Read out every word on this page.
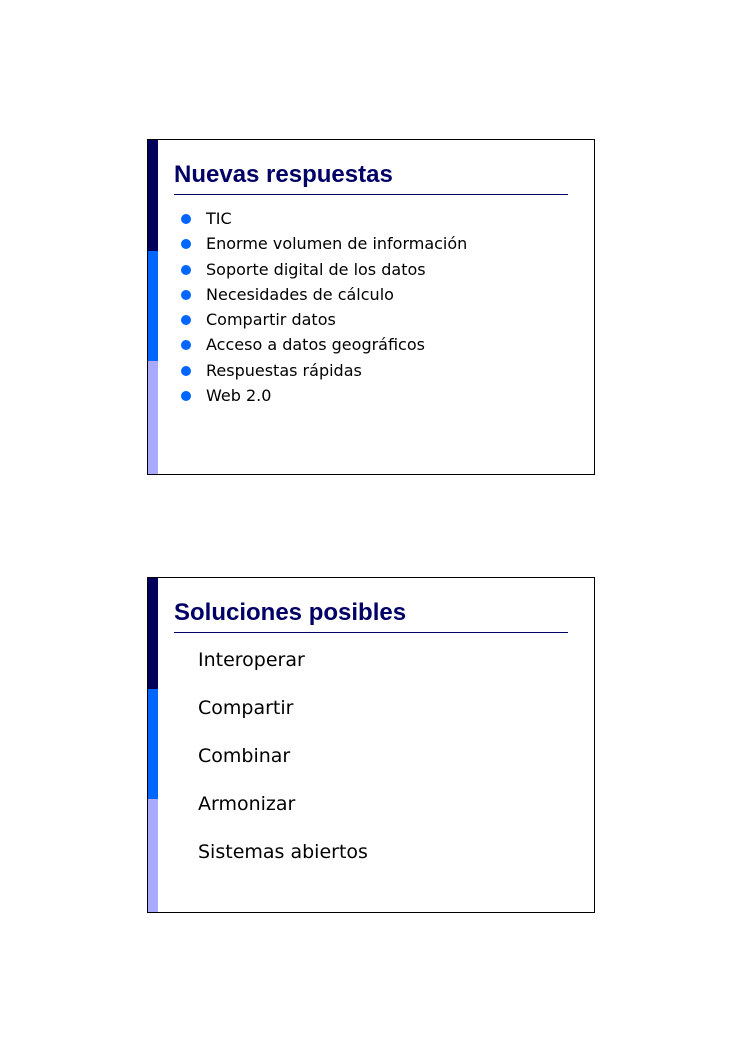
Nuevas respuestas
TIC
Enorme volumen de información
Soporte digital de los datos
Necesidades de cálculo
Compartir datos
Acceso a datos geográficos
Respuestas rápidas
Web 2.0
Soluciones posibles
Interoperar
Compartir
Combinar
Armonizar
Sistemas abiertos
